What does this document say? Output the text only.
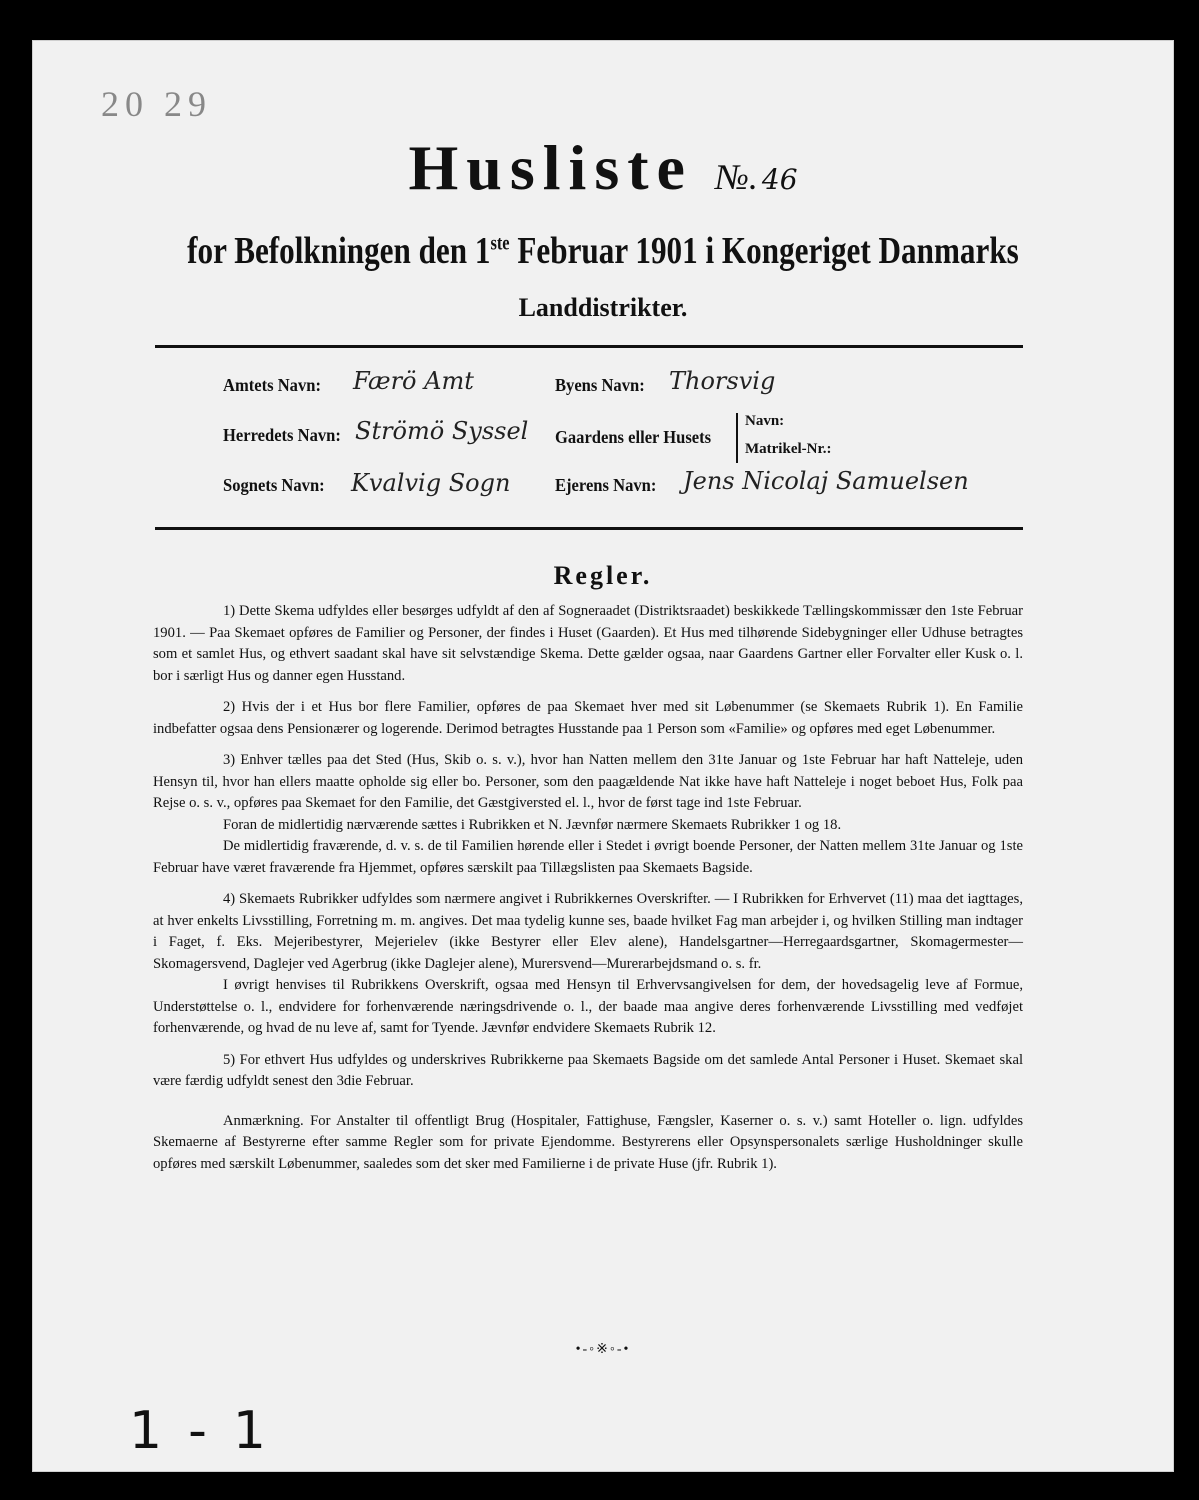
20 29
Husliste №. 46
for Befolkningen den 1ste Februar 1901 i Kongeriget Danmarks
Landdistrikter.
Amtets Navn: Færö Amt
Herredets Navn: Strömö Syssel
Sognets Navn: Kvalvig Sogn
Byens Navn: Thorsvig
Gaardens eller Husets
Navn:
Matrikel-Nr.:
Ejerens Navn: Jens Nicolaj Samuelsen
Regler.

1) Dette Skema udfyldes eller besørges udfyldt af den af Sogneraadet (Distriktsraadet) beskikkede Tællingskommissær den 1ste Februar 1901. — Paa Skemaet opføres de Familier og Personer, der findes i Huset (Gaarden). Et Hus med tilhørende Sidebygninger eller Udhuse betragtes som et samlet Hus, og ethvert saadant skal have sit selvstændige Skema. Dette gælder ogsaa, naar Gaardens Gartner eller Forvalter eller Kusk o. l. bor i særligt Hus og danner egen Husstand.

2) Hvis der i et Hus bor flere Familier, opføres de paa Skemaet hver med sit Løbenummer (se Skemaets Rubrik 1). En Familie indbefatter ogsaa dens Pensionærer og logerende. Derimod betragtes Husstande paa 1 Person som «Familie» og opføres med eget Løbenummer.

3) Enhver tælles paa det Sted (Hus, Skib o. s. v.), hvor han Natten mellem den 31te Januar og 1ste Februar har haft Natteleje, uden Hensyn til, hvor han ellers maatte opholde sig eller bo. Personer, som den paagældende Nat ikke have haft Natteleje i noget beboet Hus, Folk paa Rejse o. s. v., opføres paa Skemaet for den Familie, det Gæstgiversted el. l., hvor de først tage ind 1ste Februar.

Foran de midlertidig nærværende sættes i Rubrikken et N. Jævnfør nærmere Skemaets Rubrikker 1 og 18.

De midlertidig fraværende, d. v. s. de til Familien hørende eller i Stedet i øvrigt boende Personer, der Natten mellem 31te Januar og 1ste Februar have været fraværende fra Hjemmet, opføres særskilt paa Tillægslisten paa Skemaets Bagside.

4) Skemaets Rubrikker udfyldes som nærmere angivet i Rubrikkernes Overskrifter. — I Rubrikken for Erhvervet (11) maa det iagttages, at hver enkelts Livsstilling, Forretning m. m. angives. Det maa tydelig kunne ses, baade hvilket Fag man arbejder i, og hvilken Stilling man indtager i Faget, f. Eks. Mejeribestyrer, Mejerielev (ikke Bestyrer eller Elev alene), Handelsgartner—Herregaardsgartner, Skomagermester—Skomagersvend, Daglejer ved Agerbrug (ikke Daglejer alene), Murersvend—Murerarbejdsmand o. s. fr.

I øvrigt henvises til Rubrikkens Overskrift, ogsaa med Hensyn til Erhvervsangivelsen for dem, der hovedsagelig leve af Formue, Understøttelse o. l., endvidere for forhenværende næringsdrivende o. l., der baade maa angive deres forhenværende Livsstilling med vedføjet forhenværende, og hvad de nu leve af, samt for Tyende. Jævnfør endvidere Skemaets Rubrik 12.

5) For ethvert Hus udfyldes og underskrives Rubrikkerne paa Skemaets Bagside om det samlede Antal Personer i Huset. Skemaet skal være færdig udfyldt senest den 3die Februar.

Anmærkning. For Anstalter til offentligt Brug (Hospitaler, Fattighuse, Fængsler, Kaserner o. s. v.) samt Hoteller o. lign. udfyldes Skemaerne af Bestyrerne efter samme Regler som for private Ejendomme. Bestyrerens eller Opsynspersonalets særlige Husholdninger skulle opføres med særskilt Løbenummer, saaledes som det sker med Familierne i de private Huse (jfr. Rubrik 1).

•-◦※◦-•
1-1
